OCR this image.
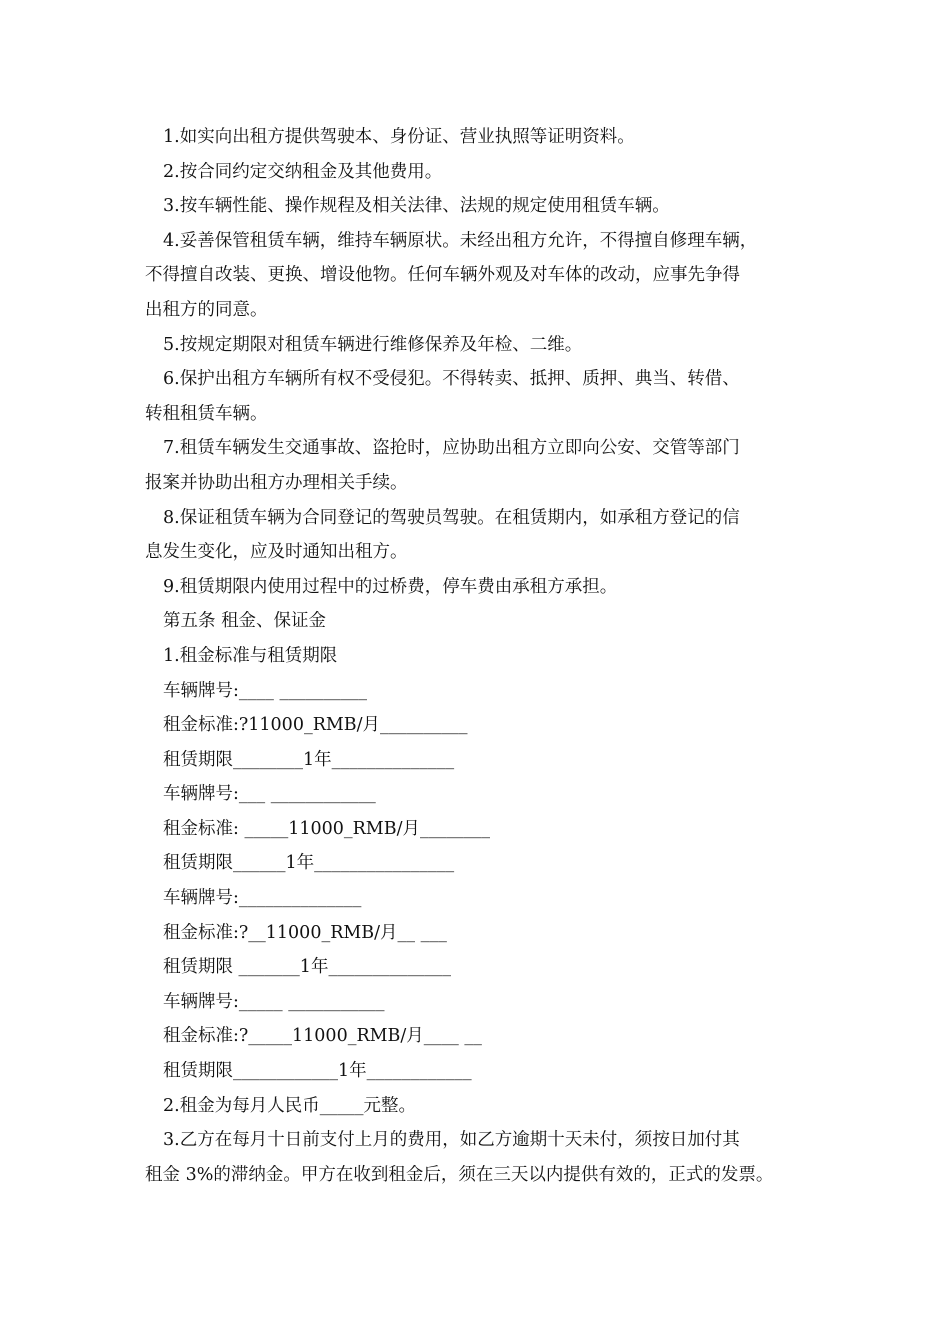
1.如实向出租方提供驾驶本、身份证、营业执照等证明资料。
2.按合同约定交纳租金及其他费用。
3.按车辆性能、操作规程及相关法律、法规的规定使用租赁车辆。
4.妥善保管租赁车辆，维持车辆原状。未经出租方允许，不得擅自修理车辆，
不得擅自改装、更换、增设他物。任何车辆外观及对车体的改动，应事先争得
出租方的同意。
5.按规定期限对租赁车辆进行维修保养及年检、二维。
6.保护出租方车辆所有权不受侵犯。不得转卖、抵押、质押、典当、转借、
转租租赁车辆。
7.租赁车辆发生交通事故、盗抢时，应协助出租方立即向公安、交管等部门
报案并协助出租方办理相关手续。
8.保证租赁车辆为合同登记的驾驶员驾驶。在租赁期内，如承租方登记的信
息发生变化，应及时通知出租方。
9.租赁期限内使用过程中的过桥费，停车费由承租方承担。
第五条 租金、保证金
1.租金标准与租赁期限
车辆牌号:____ __________
租金标准:?11000_RMB/月__________
租赁期限________1年______________
车辆牌号:___ ____________
租金标准: _____11000_RMB/月________
租赁期限______1年________________
车辆牌号:______________
租金标准:?__11000_RMB/月__ ___
租赁期限 _______1年______________
车辆牌号:_____ ___________
租金标准:?_____11000_RMB/月____ __
租赁期限____________1年____________
2.租金为每月人民币_____元整。
3.乙方在每月十日前支付上月的费用，如乙方逾期十天未付，须按日加付其
租金 3%的滞纳金。甲方在收到租金后，须在三天以内提供有效的，正式的发票。
